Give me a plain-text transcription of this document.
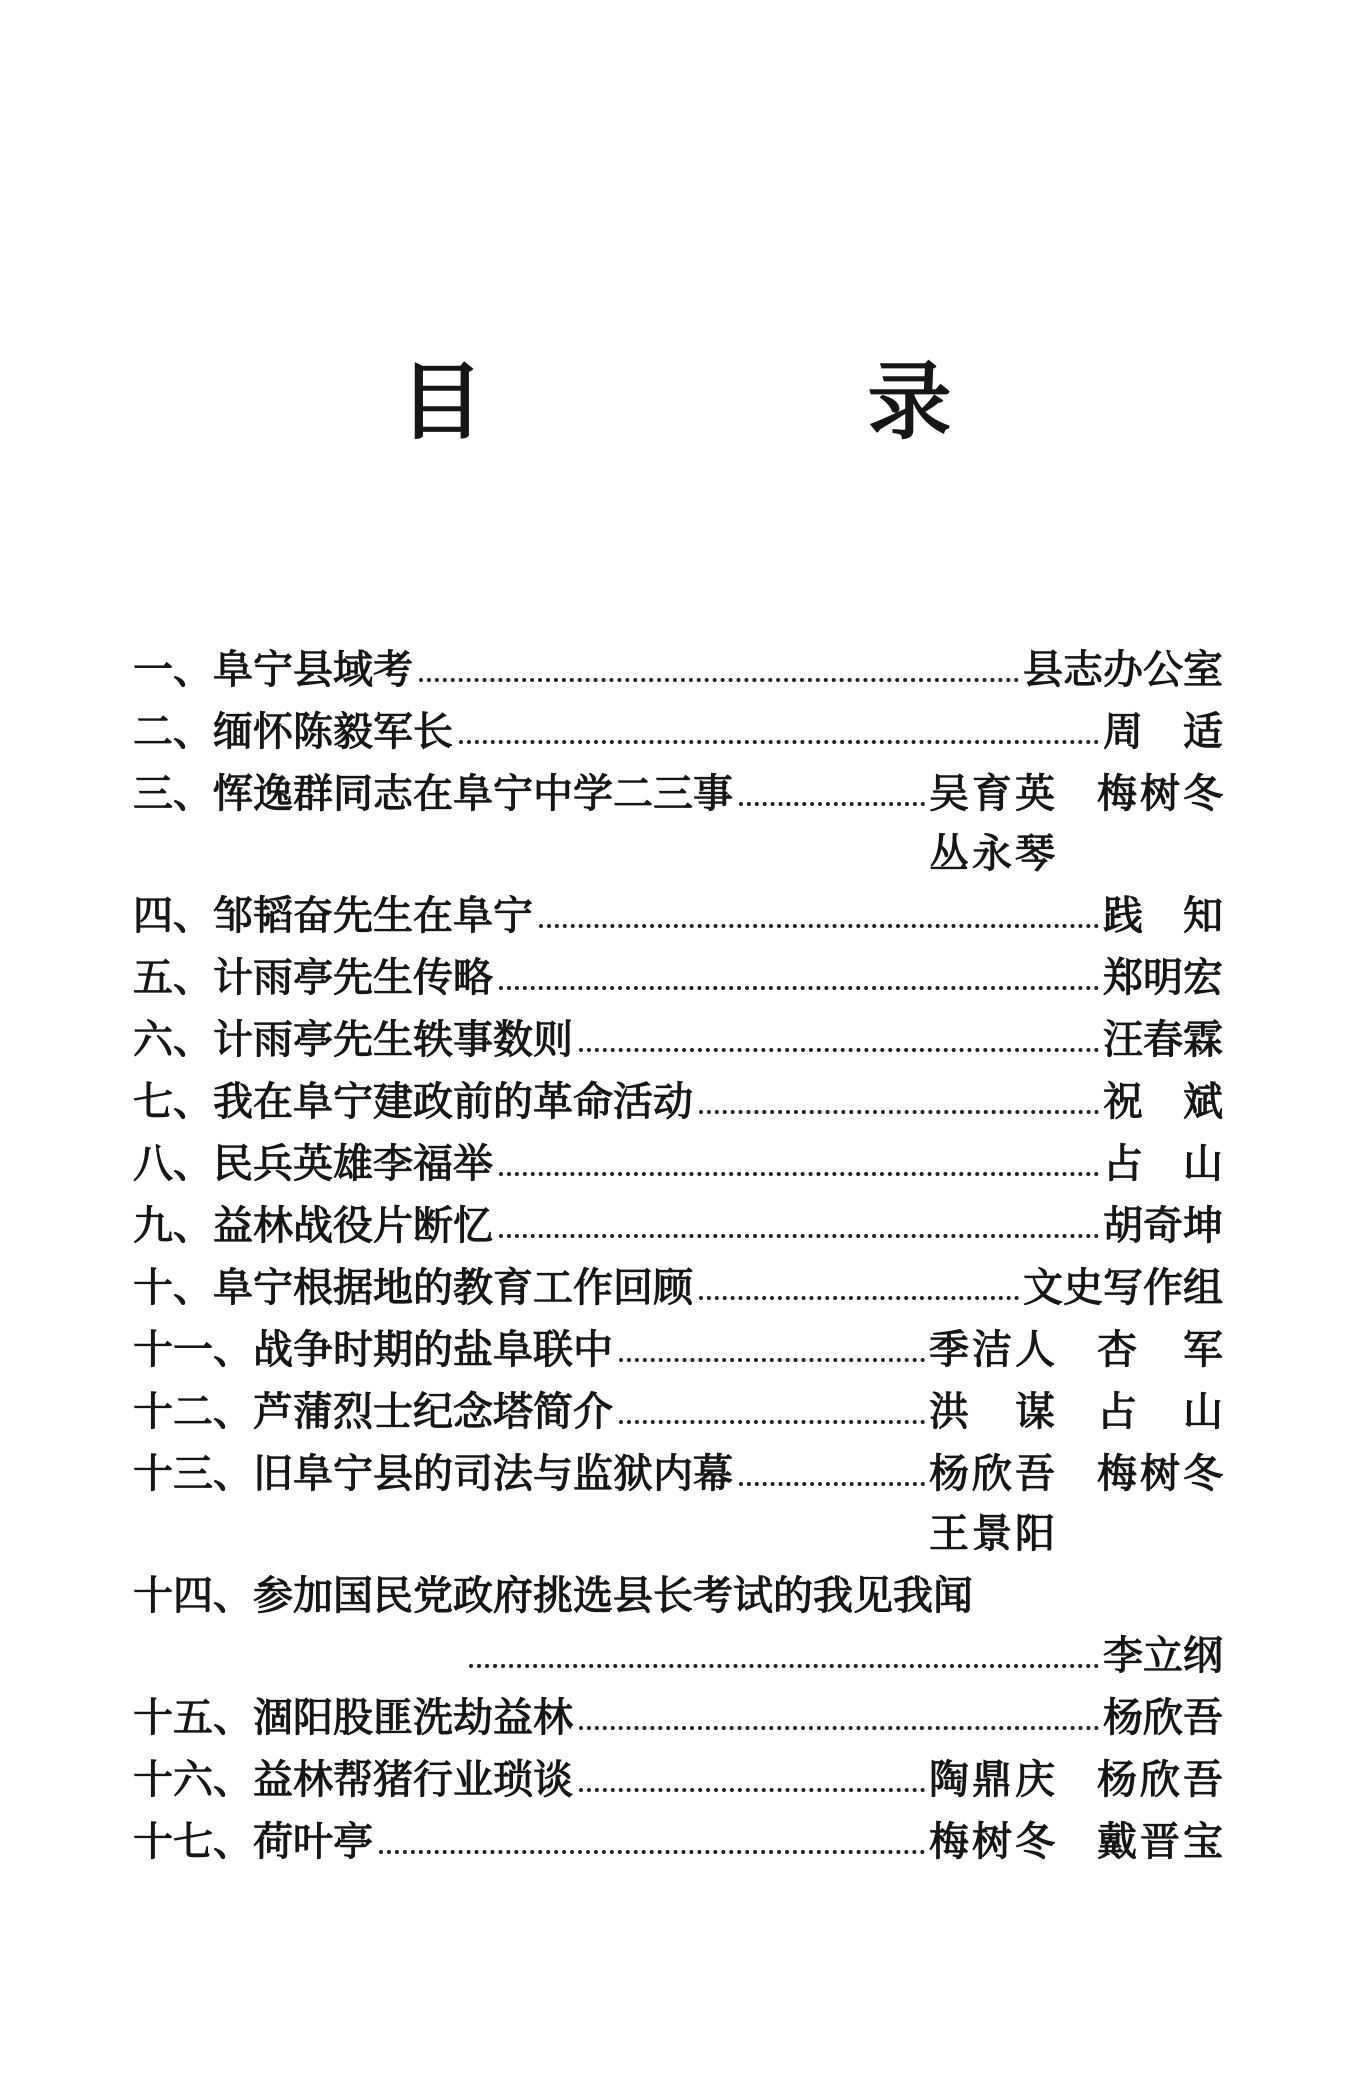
目　录
一、 阜宁县域考	县志办公室
二、 缅怀陈毅军长	周　适
三、 恽逸群同志在阜宁中学二三事	吴育英 梅树冬
丛永琴
四、 邹韬奋先生在阜宁	践　知
五、 计雨亭先生传略	郑明宏
六、 计雨亭先生轶事数则	汪春霖
七、 我在阜宁建政前的革命活动	祝　斌
八、 民兵英雄李福举	占　山
九、 益林战役片断忆	胡奇坤
十、 阜宁根据地的教育工作回顾	文史写作组
十一、 战争时期的盐阜联中	季洁人 杏　军
十二、 芦蒲烈士纪念塔简介	洪　谋 占　山
十三、 旧阜宁县的司法与监狱内幕	杨欣吾 梅树冬
王景阳
十四、 参加国民党政府挑选县长考试的我见我闻
李立纲
十五、 涸阳股匪洗劫益林	杨欣吾
十六、 益林帮猪行业琐谈	陶鼎庆 杨欣吾
十七、 荷叶亭	梅树冬 戴晋宝
